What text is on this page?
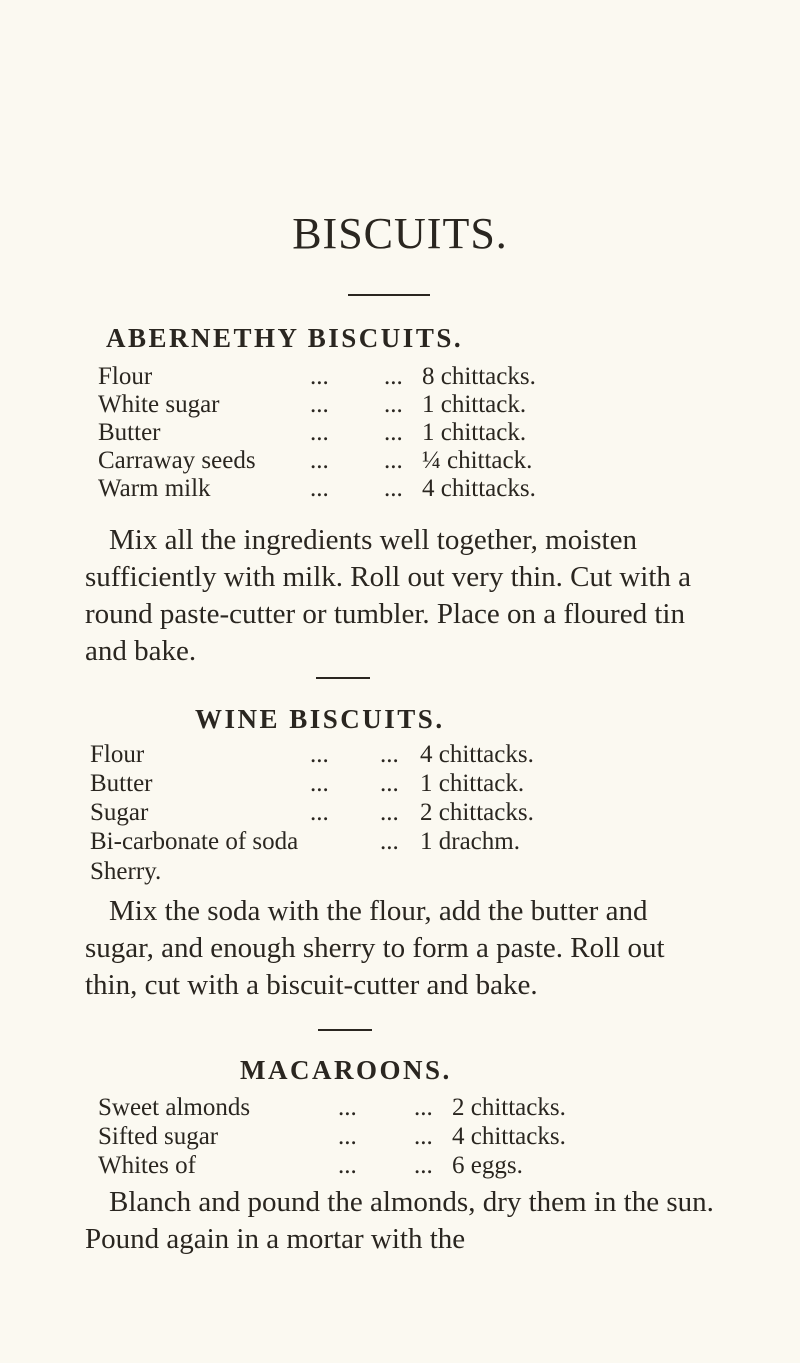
BISCUITS.
ABERNETHY BISCUITS.
Flour	... ... 8 chittacks.
White sugar	... ... 1 chittack.
Butter	... ... 1 chittack.
Carraway seeds ... ... ¼ chittack.
Warm milk	... ... 4 chittacks.

Mix all the ingredients well together, moisten sufficiently with milk. Roll out very thin. Cut with a round paste-cutter or tumbler. Place on a floured tin and bake.

WINE BISCUITS.
Flour	... ... 4 chittacks.
Butter	... ... 1 chittack.
Sugar	... ... 2 chittacks.
Bi-carbonate of soda	... 1 drachm.
Sherry.

Mix the soda with the flour, add the butter and sugar, and enough sherry to form a paste. Roll out thin, cut with a biscuit-cutter and bake.

MACAROONS.
Sweet almonds	... ... 2 chittacks.
Sifted sugar	... ... 4 chittacks.
Whites of	... ... 6 eggs.

Blanch and pound the almonds, dry them in the sun. Pound again in a mortar with the
